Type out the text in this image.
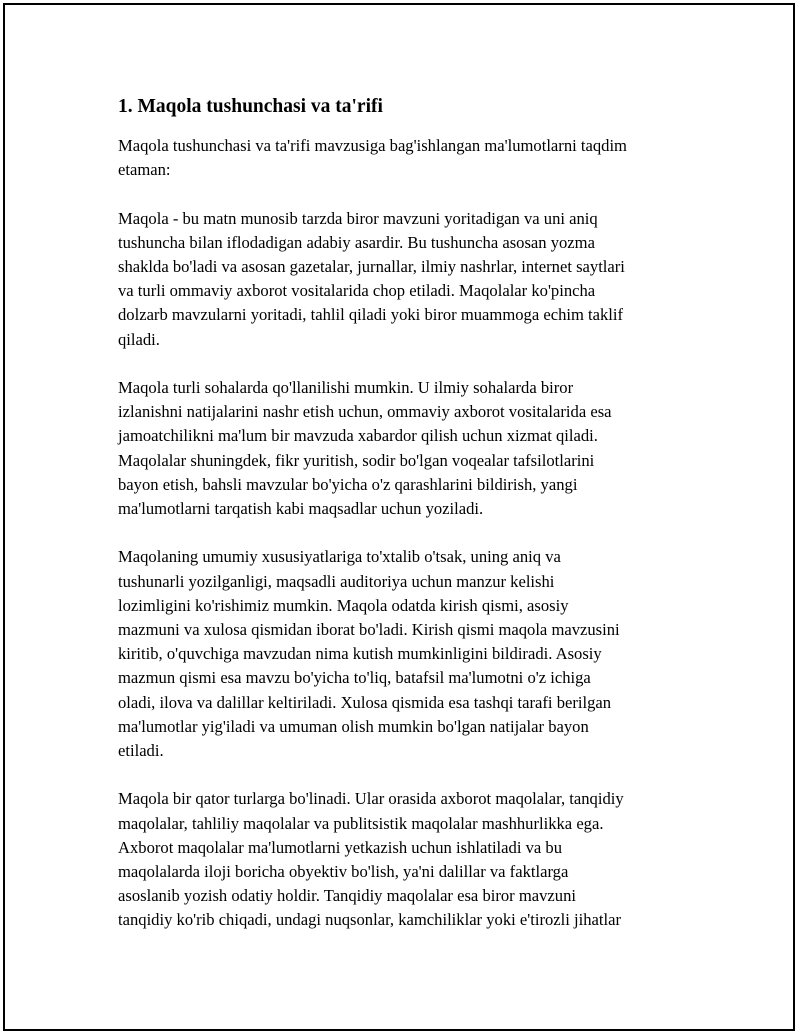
1. Maqola tushunchasi va ta'rifi

Maqola tushunchasi va ta'rifi mavzusiga bag'ishlangan ma'lumotlarni taqdim
etaman:

Maqola - bu matn munosib tarzda biror mavzuni yoritadigan va uni aniq
tushuncha bilan iflodadigan adabiy asardir. Bu tushuncha asosan yozma
shaklda bo'ladi va asosan gazetalar, jurnallar, ilmiy nashrlar, internet saytlari
va turli ommaviy axborot vositalarida chop etiladi. Maqolalar ko'pincha
dolzarb mavzularni yoritadi, tahlil qiladi yoki biror muammoga echim taklif
qiladi.

Maqola turli sohalarda qo'llanilishi mumkin. U ilmiy sohalarda biror
izlanishni natijalarini nashr etish uchun, ommaviy axborot vositalarida esa
jamoatchilikni ma'lum bir mavzuda xabardor qilish uchun xizmat qiladi.
Maqolalar shuningdek, fikr yuritish, sodir bo'lgan voqealar tafsilotlarini
bayon etish, bahsli mavzular bo'yicha o'z qarashlarini bildirish, yangi
ma'lumotlarni tarqatish kabi maqsadlar uchun yoziladi.

Maqolaning umumiy xususiyatlariga to'xtalib o'tsak, uning aniq va
tushunarli yozilganligi, maqsadli auditoriya uchun manzur kelishi
lozimligini ko'rishimiz mumkin. Maqola odatda kirish qismi, asosiy
mazmuni va xulosa qismidan iborat bo'ladi. Kirish qismi maqola mavzusini
kiritib, o'quvchiga mavzudan nima kutish mumkinligini bildiradi. Asosiy
mazmun qismi esa mavzu bo'yicha to'liq, batafsil ma'lumotni o'z ichiga
oladi, ilova va dalillar keltiriladi. Xulosa qismida esa tashqi tarafi berilgan
ma'lumotlar yig'iladi va umuman olish mumkin bo'lgan natijalar bayon
etiladi.

Maqola bir qator turlarga bo'linadi. Ular orasida axborot maqolalar, tanqidiy
maqolalar, tahliliy maqolalar va publitsistik maqolalar mashhurlikka ega.
Axborot maqolalar ma'lumotlarni yetkazish uchun ishlatiladi va bu
maqolalarda iloji boricha obyektiv bo'lish, ya'ni dalillar va faktlarga
asoslanib yozish odatiy holdir. Tanqidiy maqolalar esa biror mavzuni
tanqidiy ko'rib chiqadi, undagi nuqsonlar, kamchiliklar yoki e'tirozli jihatlar
